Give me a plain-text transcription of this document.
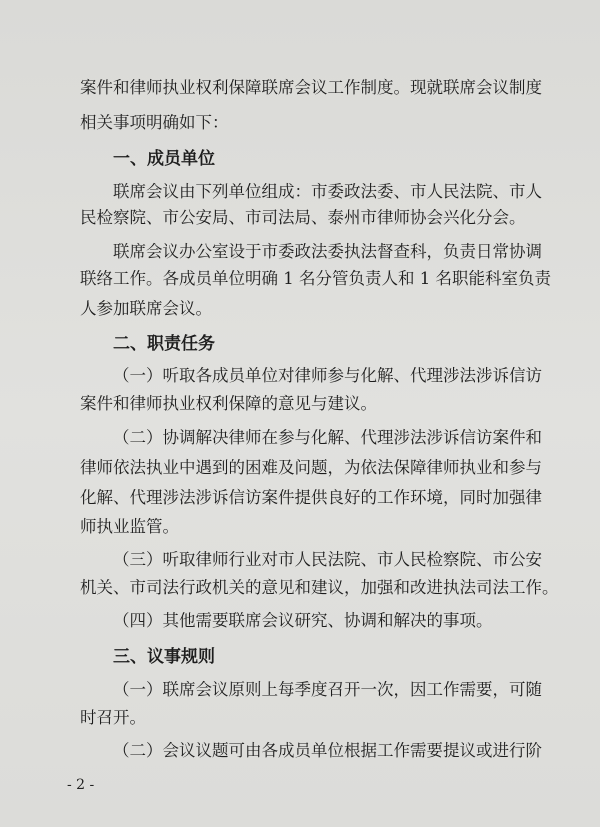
案件和律师执业权利保障联席会议工作制度。现就联席会议制度
相关事项明确如下：
一、成员单位
联席会议由下列单位组成：市委政法委、市人民法院、市人
民检察院、市公安局、市司法局、泰州市律师协会兴化分会。
联席会议办公室设于市委政法委执法督查科，负责日常协调
联络工作。各成员单位明确 1 名分管负责人和 1 名职能科室负责
人参加联席会议。
二、职责任务
（一）听取各成员单位对律师参与化解、代理涉法涉诉信访
案件和律师执业权利保障的意见与建议。
（二）协调解决律师在参与化解、代理涉法涉诉信访案件和
律师依法执业中遇到的困难及问题，为依法保障律师执业和参与
化解、代理涉法涉诉信访案件提供良好的工作环境，同时加强律
师执业监管。
（三）听取律师行业对市人民法院、市人民检察院、市公安
机关、市司法行政机关的意见和建议，加强和改进执法司法工作。
（四）其他需要联席会议研究、协调和解决的事项。
三、议事规则
（一）联席会议原则上每季度召开一次，因工作需要，可随
时召开。
（二）会议议题可由各成员单位根据工作需要提议或进行阶
- 2 -
